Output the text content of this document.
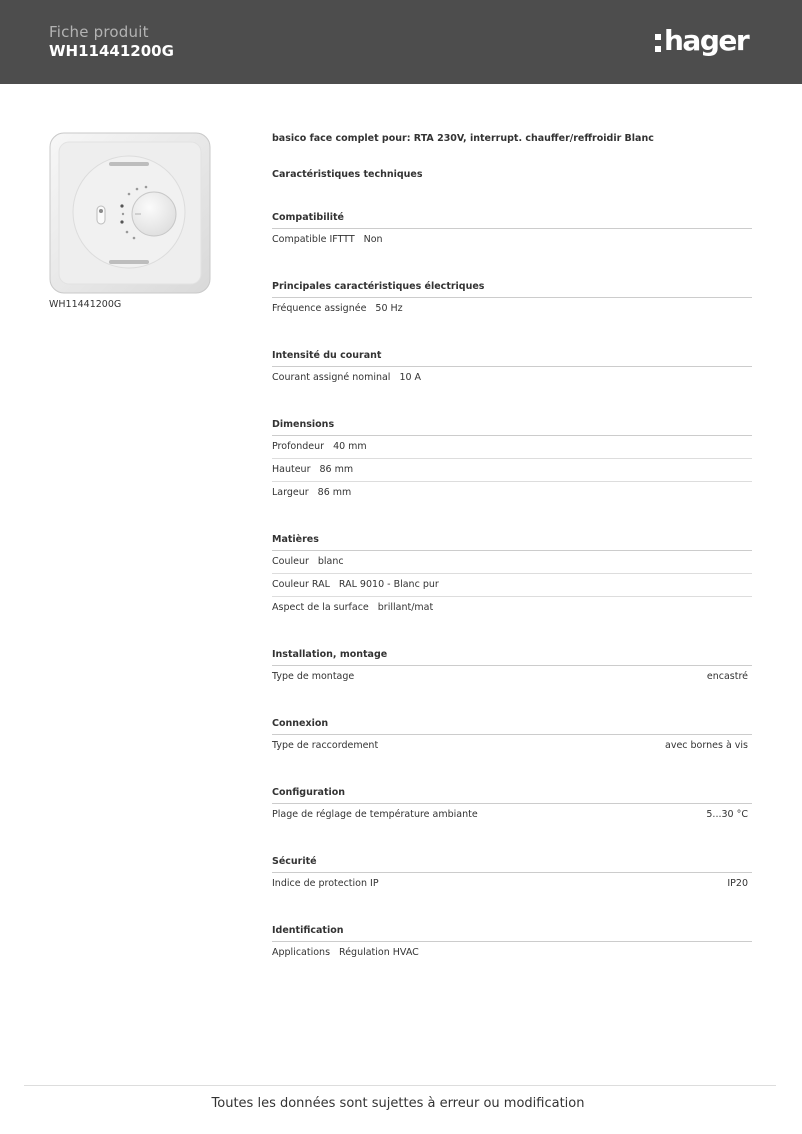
Fiche produit
WH11441200G	hager
WH11441200G
basico face complet pour: RTA 230V, interrupt. chauffer/reffroidir Blanc
Caractéristiques techniques
Compatibilité
Compatible IFTTT Non
Principales caractéristiques électriques
Fréquence assignée 50 Hz
Intensité du courant
Courant assigné nominal 10 A
Dimensions
Profondeur 40 mm
Hauteur 86 mm
Largeur 86 mm
Matières
Couleur blanc
Couleur RAL RAL 9010 - Blanc pur
Aspect de la surface brillant/mat
Installation, montage
Type de montage	encastré
Connexion
Type de raccordement	avec bornes à vis
Configuration
Plage de réglage de température ambiante	5...30 °C
Sécurité
Indice de protection IP	IP20
Identification
Applications Régulation HVAC
Toutes les données sont sujettes à erreur ou modification
